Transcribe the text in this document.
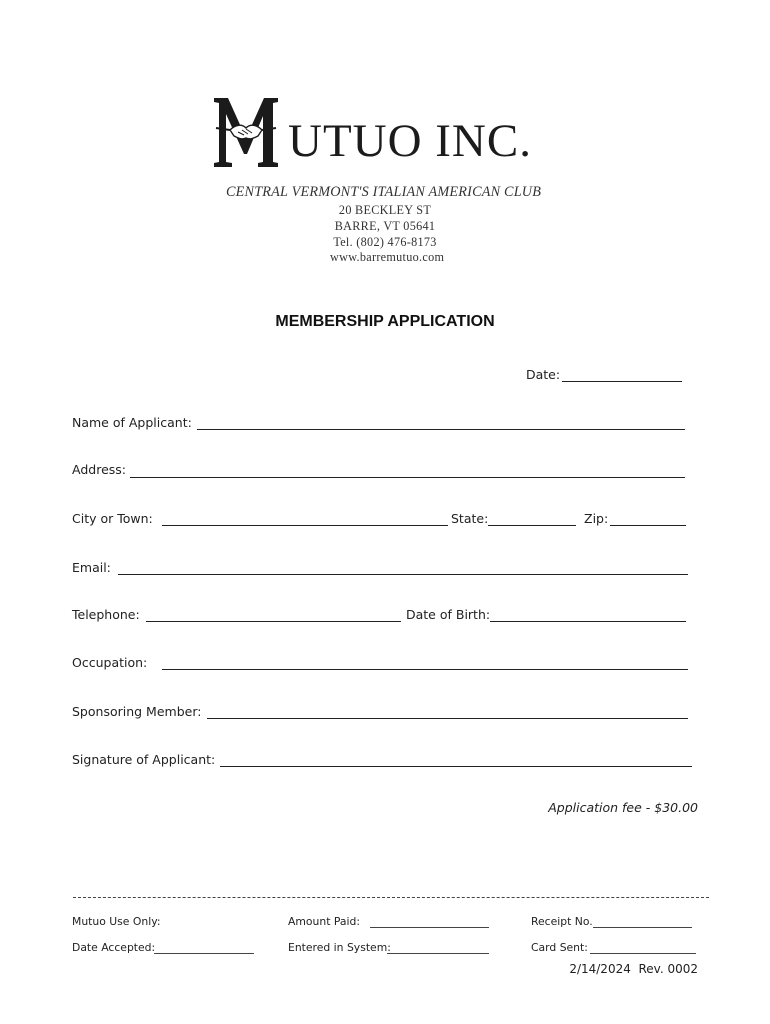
UTUO INC.
CENTRAL VERMONT'S ITALIAN AMERICAN CLUB
20 BECKLEY ST
BARRE, VT 05641
Tel. (802) 476-8173
www.barremutuo.com
MEMBERSHIP APPLICATION
Date:
Name of Applicant:
Address:
City or Town:	State:	Zip:
Email:
Telephone:	Date of Birth:
Occupation:
Sponsoring Member:
Signature of Applicant:
Application fee - $30.00
Mutuo Use Only:	Amount Paid:	Receipt No.
Date Accepted:	Entered in System:	Card Sent:
2/14/2024  Rev. 0002
